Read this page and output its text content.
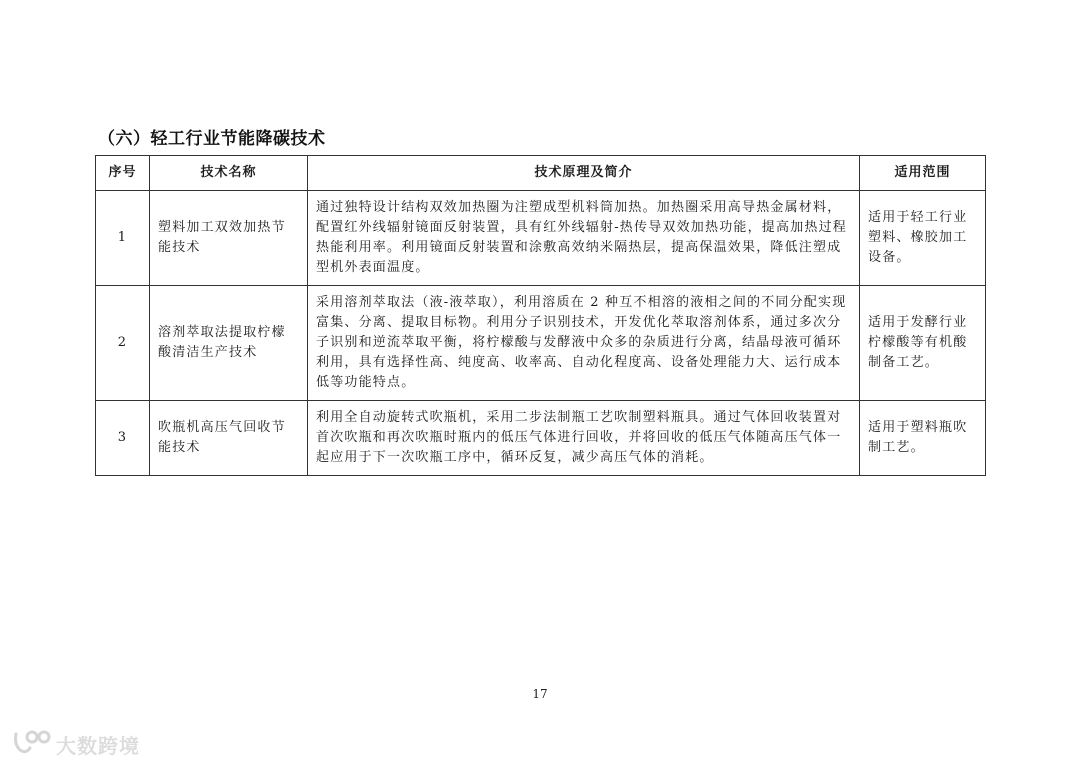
（六）轻工行业节能降碳技术
序号	技术名称	技术原理及简介	适用范围
1	塑料加工双效加热节能技术	通过独特设计结构双效加热圈为注塑成型机料筒加热。加热圈采用高导热金属材料，配置红外线辐射镜面反射装置，具有红外线辐射-热传导双效加热功能，提高加热过程热能利用率。利用镜面反射装置和涂敷高效纳米隔热层，提高保温效果，降低注塑成型机外表面温度。	适用于轻工行业塑料、橡胶加工设备。
2	溶剂萃取法提取柠檬酸清洁生产技术	采用溶剂萃取法（液-液萃取），利用溶质在 2 种互不相溶的液相之间的不同分配实现富集、分离、提取目标物。利用分子识别技术，开发优化萃取溶剂体系，通过多次分子识别和逆流萃取平衡，将柠檬酸与发酵液中众多的杂质进行分离，结晶母液可循环利用，具有选择性高、纯度高、收率高、自动化程度高、设备处理能力大、运行成本低等功能特点。	适用于发酵行业柠檬酸等有机酸制备工艺。
3	吹瓶机高压气回收节能技术	利用全自动旋转式吹瓶机，采用二步法制瓶工艺吹制塑料瓶具。通过气体回收装置对首次吹瓶和再次吹瓶时瓶内的低压气体进行回收，并将回收的低压气体随高压气体一起应用于下一次吹瓶工序中，循环反复，减少高压气体的消耗。	适用于塑料瓶吹制工艺。
17
大数跨境
